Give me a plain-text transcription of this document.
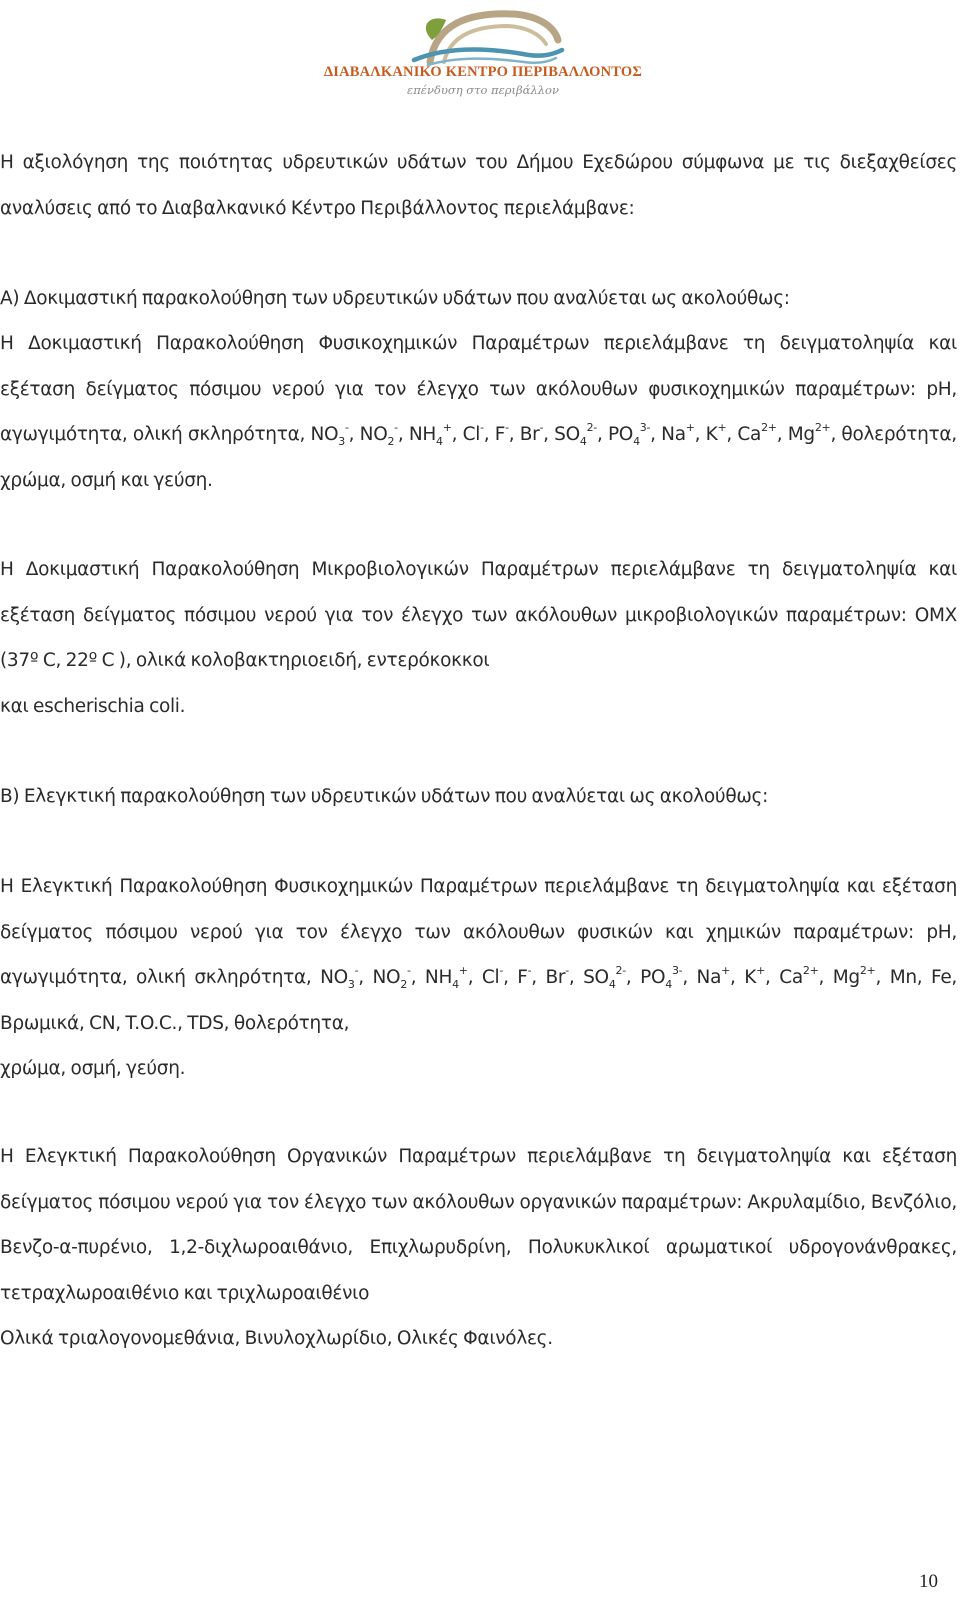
ΔΙΑΒΑΛΚΑΝΙΚΟ ΚΕΝΤΡΟ ΠΕΡΙΒΑΛΛΟΝΤΟΣ
επένδυση στο περιβάλλον

Η αξιολόγηση της ποιότητας υδρευτικών υδάτων του Δήμου Εχεδώρου σύμφωνα με τις διεξαχθείσες αναλύσεις από το Διαβαλκανικό Κέντρο Περιβάλλοντος περιελάμβανε:

Α) Δοκιμαστική παρακολούθηση των υδρευτικών υδάτων που αναλύεται ως ακολούθως:

Η Δοκιμαστική Παρακολούθηση Φυσικοχημικών Παραμέτρων περιελάμβανε τη δειγματοληψία και εξέταση δείγματος πόσιμου νερού για τον έλεγχο των ακόλουθων φυσικοχημικών παραμέτρων: pH, αγωγιμότητα, ολική σκληρότητα, $NO_3^-$, $NO_2^-$, $NH_4^+$, Cl-, F-, Br-, $SO_4^{2-}$, $PO_4^{3-}$, Na+, K+, $Ca^{2+}$, $Mg^{2+}$, θολερότητα, χρώμα, οσμή και γεύση.

Η Δοκιμαστική Παρακολούθηση Μικροβιολογικών Παραμέτρων περιελάμβανε τη δειγματοληψία και εξέταση δείγματος πόσιμου νερού για τον έλεγχο των ακόλουθων μικροβιολογικών παραμέτρων: ΟΜΧ (37º C, 22º C ), ολικά κολοβακτηριοειδή, εντερόκοκκοι
και escherischia coli.

Β) Ελεγκτική παρακολούθηση των υδρευτικών υδάτων που αναλύεται ως ακολούθως:

Η Ελεγκτική Παρακολούθηση Φυσικοχημικών Παραμέτρων περιελάμβανε τη δειγματοληψία και εξέταση δείγματος πόσιμου νερού για τον έλεγχο των ακόλουθων φυσικών και χημικών παραμέτρων: pH, αγωγιμότητα, ολική σκληρότητα, $NO_3^-$, $NO_2^-$, $NH_4^+$, Cl-, F-, Br-, $SO_4^{2-}$, $PO_4^{3-}$, Na+, K+, $Ca^{2+}$, $Mg^{2+}$, Mn, Fe, Βρωμικά, CN, T.O.C., TDS, θολερότητα,
χρώμα, οσμή, γεύση.

Η Ελεγκτική Παρακολούθηση Οργανικών Παραμέτρων περιελάμβανε τη δειγματοληψία και εξέταση δείγματος πόσιμου νερού για τον έλεγχο των ακόλουθων οργανικών παραμέτρων: Ακρυλαμίδιο, Βενζόλιο, Βενζο-α-πυρένιο, 1,2-διχλωροαιθάνιο, Επιχλωρυδρίνη, Πολυκυκλικοί αρωματικοί υδρογονάνθρακες, τετραχλωροαιθένιο και τριχλωροαιθένιο
Ολικά τριαλογονομεθάνια, Βινυλοχλωρίδιο, Ολικές Φαινόλες.

10
